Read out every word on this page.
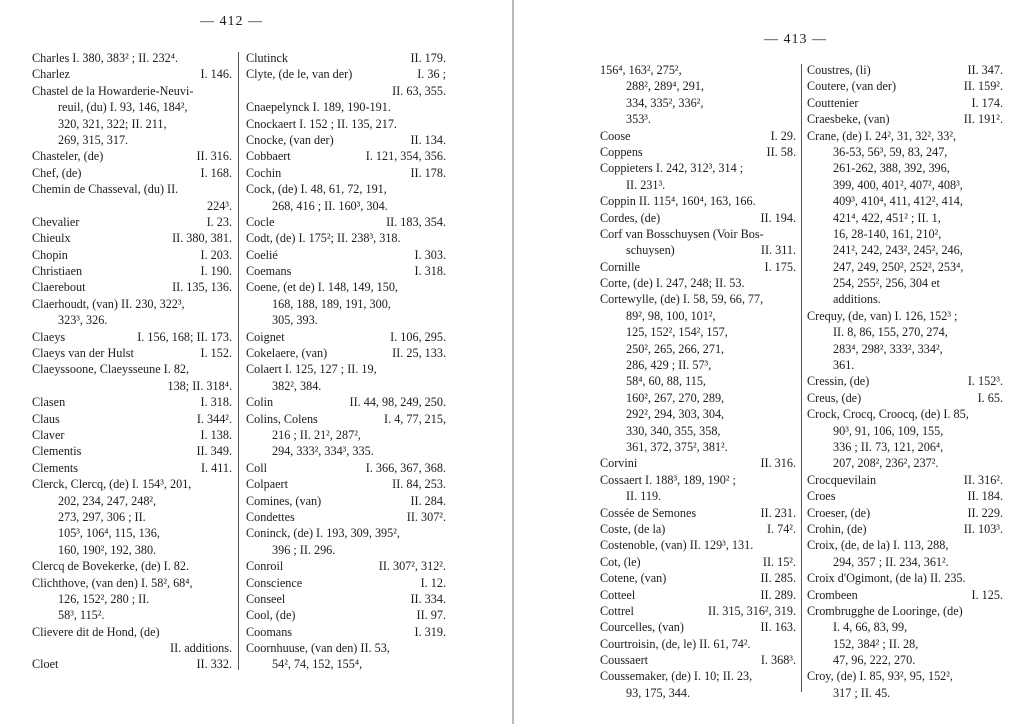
— 412 —
Charles I. 380, 383² ; II. 232⁴.
Charlez	I. 146.
Chastel de la Howarderie-Neuvi-
reuil, (du) I. 93, 146, 184²,
320, 321, 322; II. 211,
269, 315, 317.
Chasteler, (de)	II. 316.
Chef, (de)	I. 168.
Chemin de Chasseval, (du) II.
224³.
Chevalier	I. 23.
Chieulx	II. 380, 381.
Chopin	I. 203.
Christiaen	I. 190.
Claerebout	II. 135, 136.
Claerhoudt, (van) II. 230, 322³,
323³, 326.
Claeys	I. 156, 168; II. 173.
Claeys van der Hulst	I. 152.
Claeyssoone, Claeysseune I. 82,
138; II. 318⁴.
Clasen	I. 318.
Claus	I. 344².
Claver	I. 138.
Clementis	II. 349.
Clements	I. 411.
Clerck, Clercq, (de) I. 154³, 201,
202, 234, 247, 248²,
273, 297, 306 ; II.
105³, 106⁴, 115, 136,
160, 190², 192, 380.
Clercq de Bovekerke, (de) I. 82.
Clichthove, (van den) I. 58², 68⁴,
126, 152², 280 ; II.
58³, 115².
Clievere dit de Hond, (de)
II. additions.
Cloet	II. 332.
Clutinck	II. 179.
Clyte, (de le, van der)	I. 36 ;
II. 63, 355.
Cnaepelynck I. 189, 190-191.
Cnockaert I. 152 ; II. 135, 217.
Cnocke, (van der)	II. 134.
Cobbaert	I. 121, 354, 356.
Cochin	II. 178.
Cock, (de) I. 48, 61, 72, 191,
268, 416 ; II. 160³, 304.
Cocle	II. 183, 354.
Codt, (de) I. 175²; II. 238³, 318.
Coelié	I. 303.
Coemans	I. 318.
Coene, (et de) I. 148, 149, 150,
168, 188, 189, 191, 300,
305, 393.
Coignet	I. 106, 295.
Cokelaere, (van)	II. 25, 133.
Colaert I. 125, 127 ; II. 19,
382², 384.
Colin	II. 44, 98, 249, 250.
Colins, Colens	I. 4, 77, 215,
216 ; II. 21², 287²,
294, 333², 334³, 335.
Coll	I. 366, 367, 368.
Colpaert	II. 84, 253.
Comines, (van)	II. 284.
Condettes	II. 307².
Coninck, (de) I. 193, 309, 395²,
396 ; II. 296.
Conroil	II. 307², 312².
Conscience	I. 12.
Conseel	II. 334.
Cool, (de)	II. 97.
Coomans	I. 319.
Coornhuuse, (van den) II. 53,
54², 74, 152, 155⁴,
— 413 —
156⁴, 163², 275²,
288², 289⁴, 291,
334, 335², 336²,
353³.
Coose	I. 29.
Coppens	II. 58.
Coppieters I. 242, 312³, 314 ;
II. 231³.
Coppin II. 115⁴, 160⁴, 163, 166.
Cordes, (de)	II. 194.
Corf van Bosschuysen (Voir Bos-
schuysen)	II. 311.
Cornille	I. 175.
Corte, (de) I. 247, 248; II. 53.
Cortewylle, (de) I. 58, 59, 66, 77,
89², 98, 100, 101²,
125, 152², 154², 157,
250², 265, 266, 271,
286, 429 ; II. 57³,
58⁴, 60, 88, 115,
160², 267, 270, 289,
292², 294, 303, 304,
330, 340, 355, 358,
361, 372, 375², 381².
Corvini	II. 316.
Cossaert I. 188³, 189, 190² ;
II. 119.
Cossée de Semones	II. 231.
Coste, (de la)	I. 74².
Costenoble, (van) II. 129³, 131.
Cot, (le)	II. 15².
Cotene, (van)	II. 285.
Cotteel	II. 289.
Cottrel	II. 315, 316², 319.
Courcelles, (van)	II. 163.
Courtroisin, (de, le) II. 61, 74².
Coussaert	I. 368³.
Coussemaker, (de) I. 10; II. 23,
93, 175, 344.
Coustres, (li)	II. 347.
Coutere, (van der)	II. 159².
Couttenier	I. 174.
Craesbeke, (van)	II. 191².
Crane, (de) I. 24², 31, 32², 33²,
36-53, 56³, 59, 83, 247,
261-262, 388, 392, 396,
399, 400, 401², 407², 408³,
409³, 410⁴, 411, 412², 414,
421⁴, 422, 451² ; II. 1,
16, 28-140, 161, 210²,
241², 242, 243², 245², 246,
247, 249, 250², 252², 253⁴,
254, 255², 256, 304 et
additions.
Crequy, (de, van) I. 126, 152³ ;
II. 8, 86, 155, 270, 274,
283⁴, 298², 333², 334²,
361.
Cressin, (de)	I. 152³.
Creus, (de)	I. 65.
Crock, Crocq, Croocq, (de) I. 85,
90³, 91, 106, 109, 155,
336 ; II. 73, 121, 206⁴,
207, 208², 236², 237².
Crocquevilain	II. 316².
Croes	II. 184.
Croeser, (de)	II. 229.
Crohin, (de)	II. 103³.
Croix, (de, de la) I. 113, 288,
294, 357 ; II. 234, 361².
Croix d'Ogimont, (de la) II. 235.
Crombeen	I. 125.
Crombrugghe de Looringe, (de)
I. 4, 66, 83, 99,
152, 384² ; II. 28,
47, 96, 222, 270.
Croy, (de) I. 85, 93², 95, 152²,
317 ; II. 45.
